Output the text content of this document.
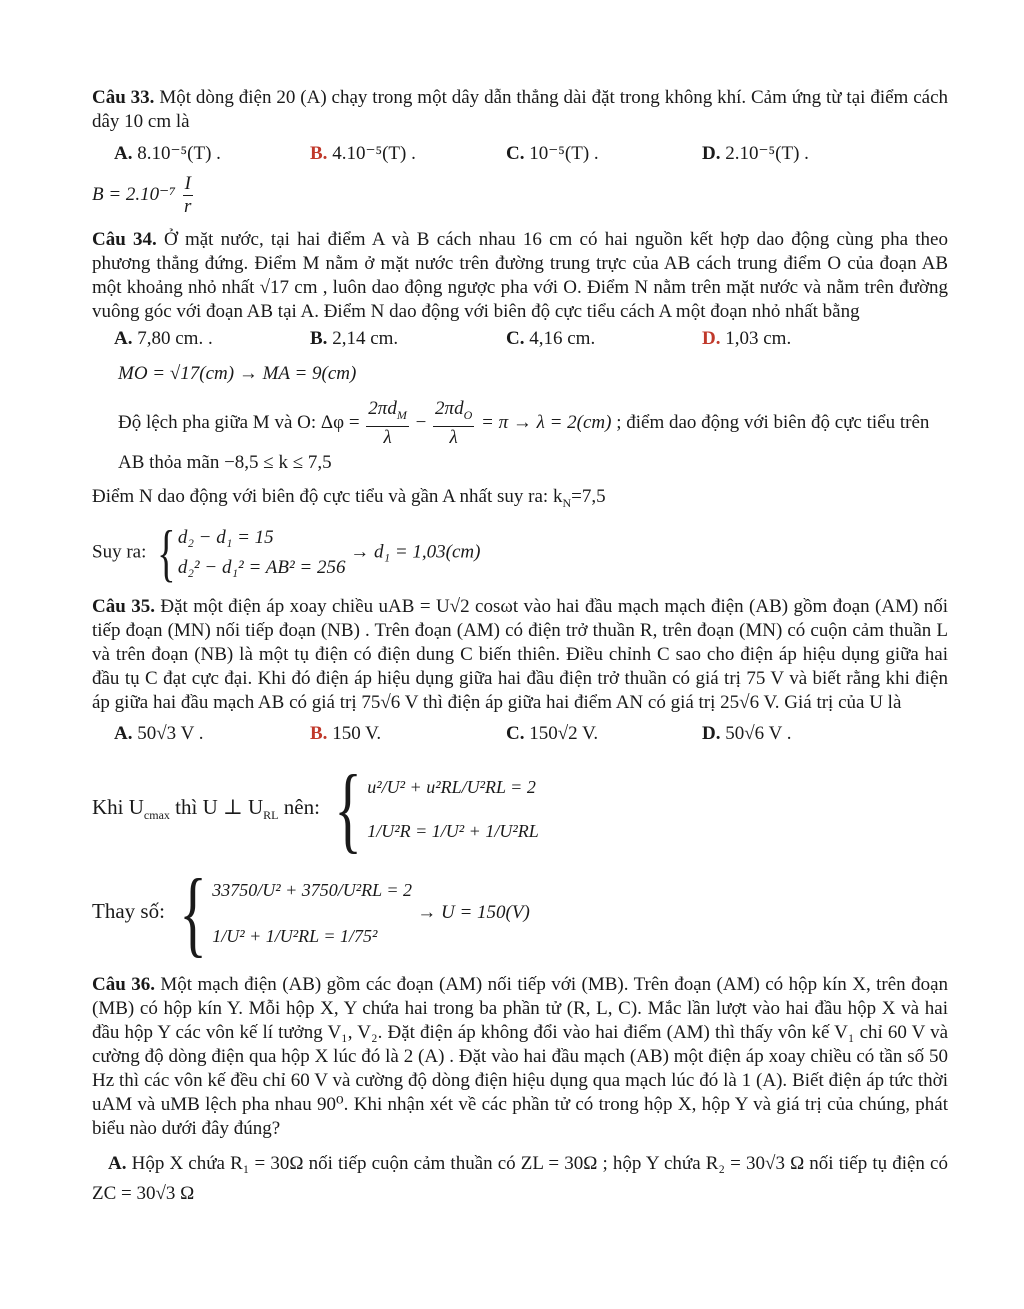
Câu 33. Một dòng điện 20 (A) chạy trong một dây dẫn thẳng dài đặt trong không khí. Cảm ứng từ tại điểm cách dây 10 cm là

A. 8.10⁻⁵(T) .	B. 4.10⁻⁵(T) .	C. 10⁻⁵(T) .	D. 2.10⁻⁵(T) .
$B = 2.10^{-7} \frac{I}{r}$

Câu 34. Ở mặt nước, tại hai điểm A và B cách nhau 16 cm có hai nguồn kết hợp dao động cùng pha theo phương thẳng đứng. Điểm M nằm ở mặt nước trên đường trung trực của AB cách trung điểm O của đoạn AB một khoảng nhỏ nhất √17 cm , luôn dao động ngược pha với O. Điểm N nằm trên mặt nước và nằm trên đường vuông góc với đoạn AB tại A. Điểm N dao động với biên độ cực tiểu cách A một đoạn nhỏ nhất bằng

A. 7,80 cm. .	B. 2,14 cm.	C. 4,16 cm.	D. 1,03 cm.
MO = √17(cm) → MA = 9(cm)
Độ lệch pha giữa M và O: $\Delta\varphi = \frac{2\pi d_M}{\lambda} - \frac{2\pi d_O}{\lambda} = \pi \to \lambda = 2(cm)$ ; điểm dao động với biên độ cực tiểu trên AB thỏa mãn −8,5 ≤ k ≤ 7,5
Điểm N dao động với biên độ cực tiểu và gần A nhất suy ra: $k_N=7,5$
Suy ra: { d₂ − d₁ = 15
d₂² − d₁² = AB² = 256
→ d₁ = 1,03(cm)

Câu 35. Đặt một điện áp xoay chiều uAB = U√2 cosωt vào hai đầu mạch mạch điện (AB) gồm đoạn (AM) nối tiếp đoạn (MN) nối tiếp đoạn (NB) . Trên đoạn (AM) có điện trở thuần R, trên đoạn (MN) có cuộn cảm thuần L và trên đoạn (NB) là một tụ điện có điện dung C biến thiên. Điều chỉnh C sao cho điện áp hiệu dụng giữa hai đầu tụ C đạt cực đại. Khi đó điện áp hiệu dụng giữa hai đầu điện trở thuần có giá trị 75 V và biết rằng khi điện áp giữa hai đầu mạch AB có giá trị 75√6 V thì điện áp giữa hai điểm AN có giá trị 25√6 V. Giá trị của U là

A. 50√3 V .	B. 150 V.	C. 150√2 V.	D. 50√6 V .
Khi $U_{cmax}$ thì U ⊥ $U_{RL}$ nên: { u²/U² + u²RL/U²RL = 2
1/U²R = 1/U² + 1/U²RL
Thay số: { 33750/U² + 3750/U²RL = 2
1/U² + 1/U²RL = 1/75²
→ U = 150(V)

Câu 36. Một mạch điện (AB) gồm các đoạn (AM) nối tiếp với (MB). Trên đoạn (AM) có hộp kín X, trên đoạn (MB) có hộp kín Y. Mỗi hộp X, Y chứa hai trong ba phần tử (R, L, C). Mắc lần lượt vào hai đầu hộp X và hai đầu hộp Y các vôn kế lí tưởng V₁, V₂. Đặt điện áp không đổi vào hai điểm (AM) thì thấy vôn kế V₁ chỉ 60 V và cường độ dòng điện qua hộp X lúc đó là 2 (A) . Đặt vào hai đầu mạch (AB) một điện áp xoay chiều có tần số 50 Hz thì các vôn kế đều chỉ 60 V và cường độ dòng điện hiệu dụng qua mạch lúc đó là 1 (A). Biết điện áp tức thời uAM và uMB lệch pha nhau 90⁰. Khi nhận xét về các phần tử có trong hộp X, hộp Y và giá trị của chúng, phát biểu nào dưới đây đúng?

A. Hộp X chứa R₁ = 30Ω nối tiếp cuộn cảm thuần có ZL = 30Ω ; hộp Y chứa R₂ = 30√3 Ω nối tiếp tụ điện có ZC = 30√3 Ω
